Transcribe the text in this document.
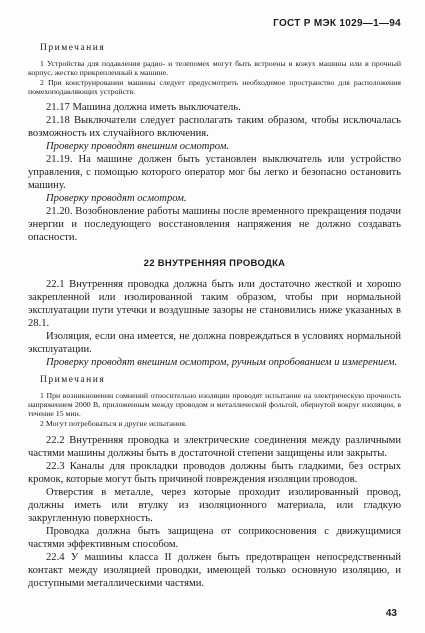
ГОСТ Р МЭК 1029—1—94
Примечания

1 Устройства для подавления радио- и телепомех могут быть встроены в кожух машины или в прочный корпус, жестко прикрепленный к машине.

2 При конструировании машины следует предусмотреть необходимое пространство для расположения помехоподавляющих устройств.

21.17 Машина должна иметь выключатель.

21.18 Выключатели следует располагать таким образом, чтобы исключалась возможность их случайного включения.

Проверку проводят внешним осмотром.

21.19. На машине должен быть установлен выключатель или устройство управления, с помощью которого оператор мог бы легко и безопасно остановить машину.

Проверку проводят осмотром.

21.20. Возобновление работы машины после временного прекращения подачи энергии и последующего восстановления напряжения не должно создавать опасности.

22 ВНУТРЕННЯЯ ПРОВОДКА

22.1 Внутренняя проводка должна быть или достаточно жесткой и хорошо закрепленной или изолированной таким образом, чтобы при нормальной эксплуатации пути утечки и воздушные зазоры не становились ниже указанных в 28.1.

Изоляция, если она имеется, не должна повреждаться в условиях нормальной эксплуатации.

Проверку проводят внешним осмотром, ручным опробованием и измерением.

Примечания

1 При возникновении сомнений относительно изоляции проводят испытание на электрическую прочность напряжением 2000 В, приложенным между проводом и металлической фольгой, обернутой вокруг изоляции, в течение 15 мин.

2 Могут потребоваться и другие испытания.

22.2 Внутренняя проводка и электрические соединения между различными частями машины должны быть в достаточной степени защищены или закрыты.

22.3 Каналы для прокладки проводов должны быть гладкими, без острых кромок, которые могут быть причиной повреждения изоляции проводов.

Отверстия в металле, через которые проходит изолированный провод, должны иметь или втулку из изоляционного материала, или гладкую закругленную поверхность.

Проводка должна быть защищена от соприкосновения с движущимися частями эффективным способом.

22.4 У машины класса II должен быть предотвращен непосредственный контакт между изоляцией проводки, имеющей только основную изоляцию, и доступными металлическими частями.

43
